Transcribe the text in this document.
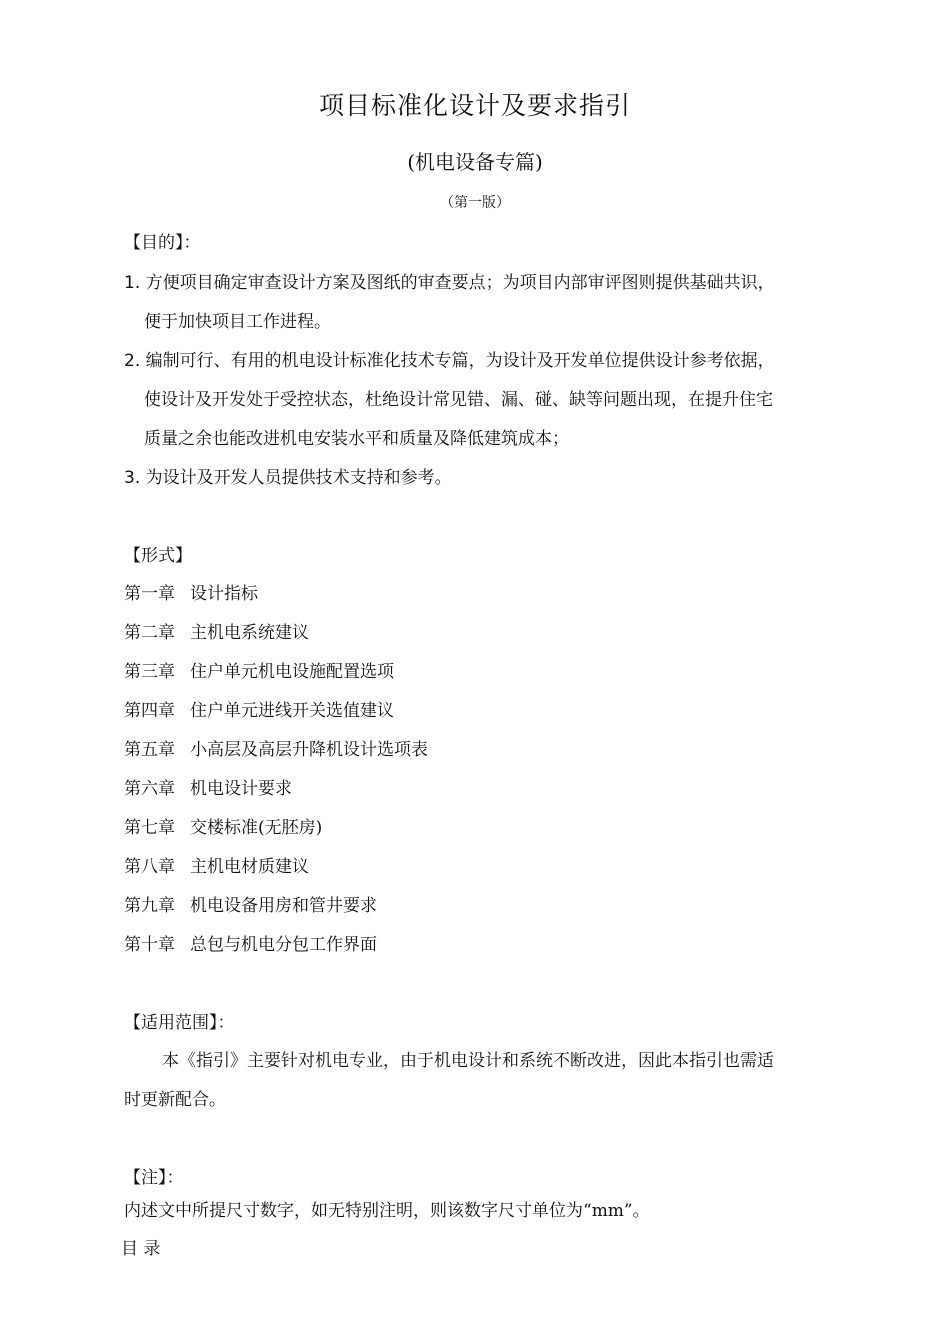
项目标准化设计及要求指引
(机电设备专篇)
（第一版）
【目的】：
1. 方便项目确定审查设计方案及图纸的审查要点；为项目内部审评图则提供基础共识，
便于加快项目工作进程。
2. 编制可行、有用的机电设计标准化技术专篇，为设计及开发单位提供设计参考依据，
使设计及开发处于受控状态，杜绝设计常见错、漏、碰、缺等问题出现，在提升住宅
质量之余也能改进机电安装水平和质量及降低建筑成本；
3. 为设计及开发人员提供技术支持和参考。
【形式】
第一章 设计指标
第二章 主机电系统建议
第三章 住户单元机电设施配置选项
第四章 住户单元进线开关选值建议
第五章 小高层及高层升降机设计选项表
第六章 机电设计要求
第七章 交楼标准(无胚房)
第八章 主机电材质建议
第九章 机电设备用房和管井要求
第十章 总包与机电分包工作界面
【适用范围】：
本《指引》主要针对机电专业，由于机电设计和系统不断改进，因此本指引也需适
时更新配合。
【注】：
内述文中所提尺寸数字，如无特别注明，则该数字尺寸单位为“mm”。
目 录
